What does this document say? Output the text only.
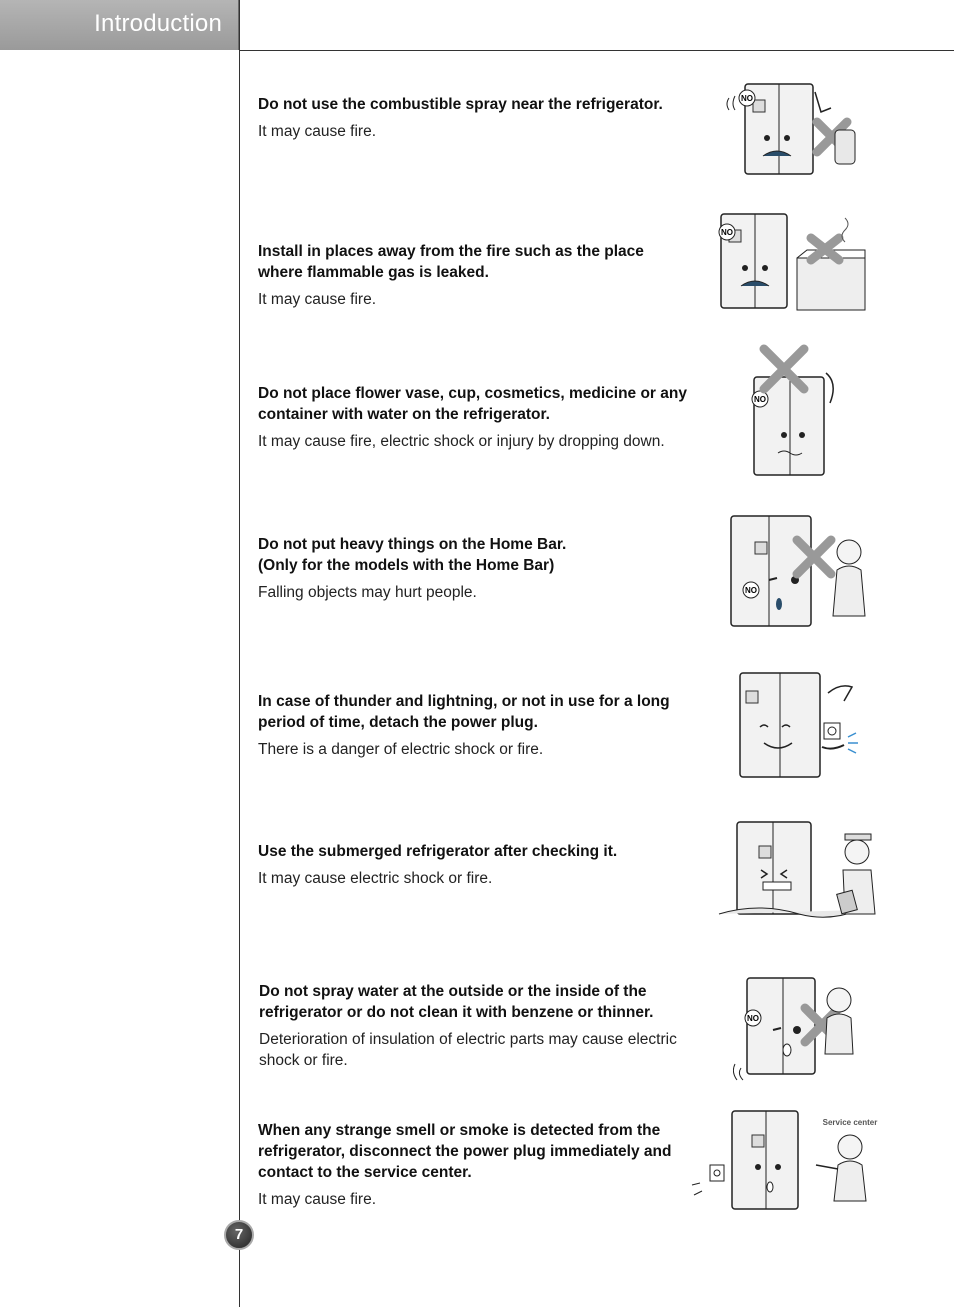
Introduction
Do not use the combustible spray near the refrigerator.
It may cause fire.
Install in places away from the fire such as the place where flammable gas is leaked.
It may cause fire.
Do not place flower vase, cup, cosmetics, medicine or any container with water on the refrigerator.
It may cause fire, electric shock or injury by dropping down.
Do not put heavy things on the Home Bar. (Only for the models with the Home Bar)
Falling objects may hurt people.
In case of thunder and lightning, or not in use for a long period of time, detach the power plug.
There is a danger of electric shock or fire.
Use the submerged refrigerator after checking it.
It may cause electric shock or fire.
Do not spray water at the outside or the inside of the refrigerator or do not clean it with benzene or thinner.
Deterioration of insulation of electric parts may cause electric shock or fire.
When any strange smell or smoke is detected from the refrigerator, disconnect the power plug immediately and contact to the service center.
It may cause fire.
NO
NO
NO
NO
NO
Service center
7
